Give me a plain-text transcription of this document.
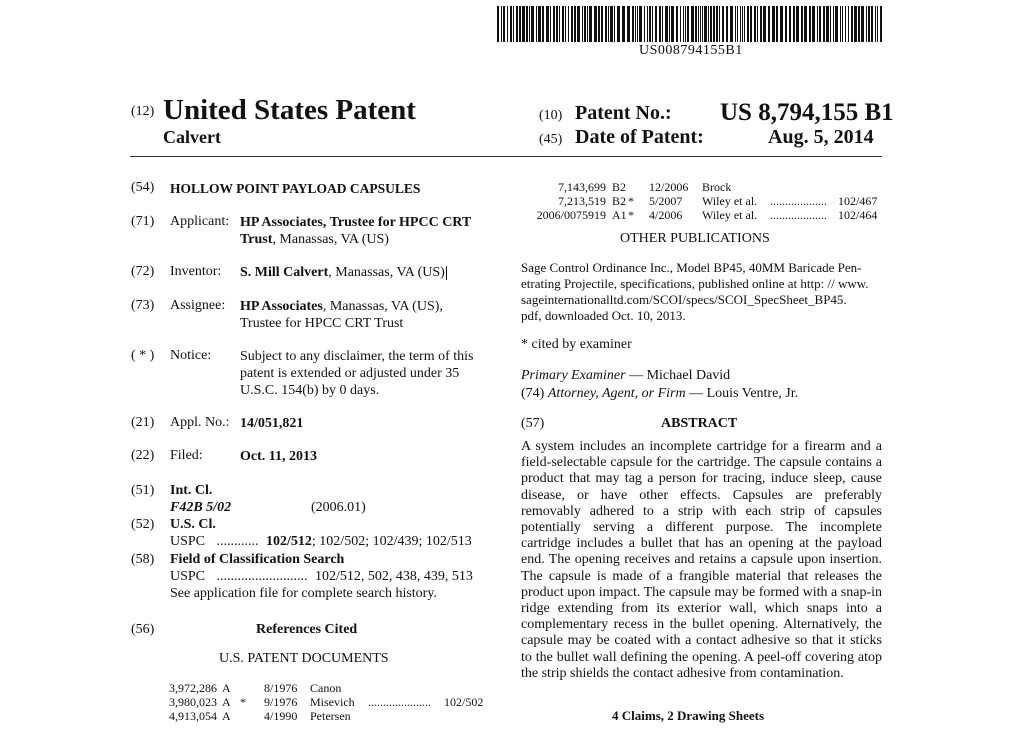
US008794155B1
(12) United States Patent
Calvert
(10) Patent No.: US 8,794,155 B1
(45) Date of Patent:	Aug. 5, 2014
(54)	HOLLOW POINT PAYLOAD CAPSULES
(71)	Applicant: HP Associates, Trustee for HPCC CRT
Trust, Manassas, VA (US)
(72)	Inventor: S. Mill Calvert, Manassas, VA (US)
(73)	Assignee: HP Associates, Manassas, VA (US),
Trustee for HPCC CRT Trust
( * )	Notice: Subject to any disclaimer, the term of this
patent is extended or adjusted under 35
U.S.C. 154(b) by 0 days.
(21)	Appl. No.: 14/051,821
(22)	Filed:	Oct. 11, 2013
(51)	Int. Cl.
F42B 5/02	(2006.01)
(52)	U.S. Cl.
USPC ............ 102/512; 102/502; 102/439; 102/513
(58)	Field of Classification Search
USPC .......................... 102/512, 502, 438, 439, 513
See application file for complete search history.
(56)	References Cited
U.S. PATENT DOCUMENTS
3,972,286 A	8/1976 Canon
3,980,023 A * 9/1976 Misevich ..................... 102/502
4,913,054 A	4/1990 Petersen
7,143,699 B2 12/2006 Brock
7,213,519 B2 * 5/2007 Wiley et al. ................... 102/467
2006/0075919 A1 * 4/2006 Wiley et al. ................... 102/464
OTHER PUBLICATIONS
Sage Control Ordinance Inc., Model BP45, 40MM Baricade Pen-
etrating Projectile, specifications, published online at http: // www.
sageinternationalltd.com/SCOI/specs/SCOI_SpecSheet_BP45.
pdf, downloaded Oct. 10, 2013.
* cited by examiner
Primary Examiner — Michael David
(74) Attorney, Agent, or Firm — Louis Ventre, Jr.
(57)	ABSTRACT
A system includes an incomplete cartridge for a firearm and a field-selectable capsule for the cartridge. The capsule contains a product that may tag a person for tracing, induce sleep, cause disease, or have other effects. Capsules are preferably removably adhered to a strip with each strip of capsules potentially serving a different purpose. The incomplete cartridge includes a bullet that has an opening at the payload end. The opening receives and retains a capsule upon insertion. The capsule is made of a frangible material that releases the product upon impact. The capsule may be formed with a snap-in ridge extending from its exterior wall, which snaps into a complementary recess in the bullet opening. Alternatively, the capsule may be coated with a contact adhesive so that it sticks to the bullet wall defining the opening. A peel-off covering atop the strip shields the contact adhesive from contamination.
4 Claims, 2 Drawing Sheets
